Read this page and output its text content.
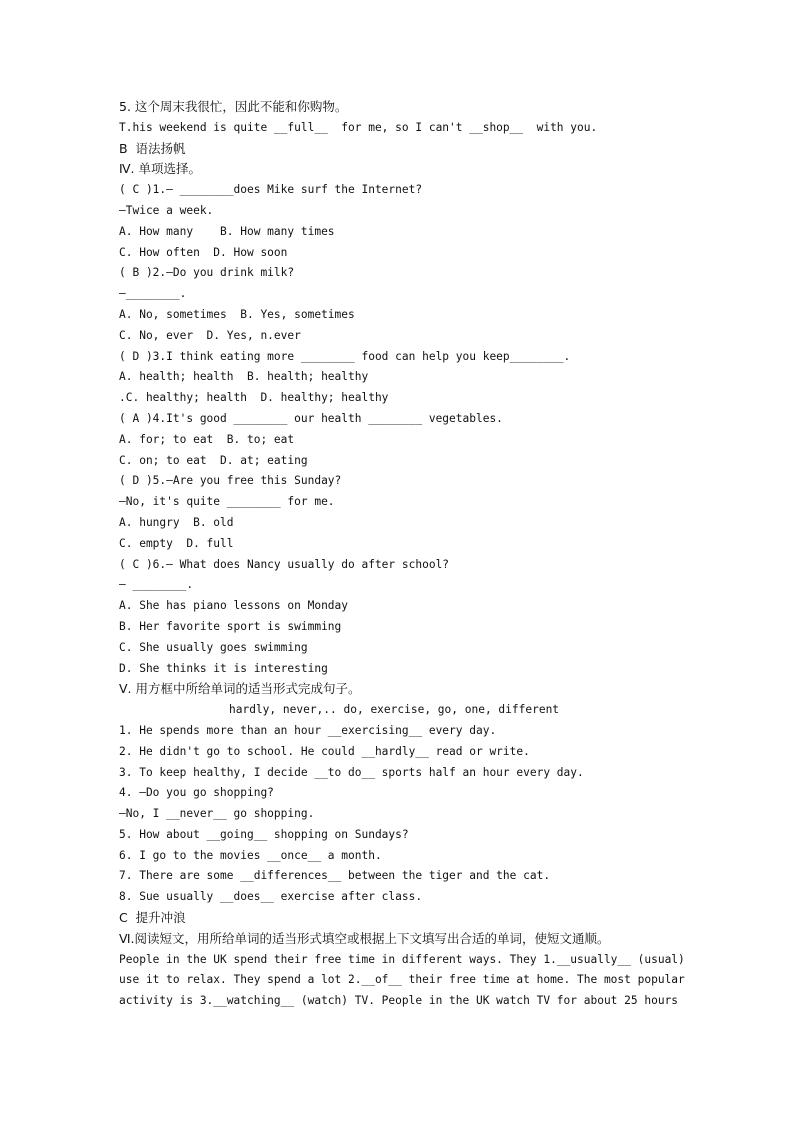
5. 这个周末我很忙，因此不能和你购物。
T.his weekend is quite __full__  for me, so I can't __shop__  with you.
B  语法扬帆
Ⅳ. 单项选择。
( C )1.— ________does Mike surf the Internet?
—Twice a week.
A. How many    B. How many times
C. How often  D. How soon
( B )2.—Do you drink milk?
—________.
A. No, sometimes  B. Yes, sometimes
C. No, ever  D. Yes, n.ever
( D )3.I think eating more ________ food can help you keep________.
A. health; health  B. health; healthy
.C. healthy; health  D. healthy; healthy
( A )4.It's good ________ our health ________ vegetables.
A. for; to eat  B. to; eat
C. on; to eat  D. at; eating
( D )5.—Are you free this Sunday?
—No, it's quite ________ for me.
A. hungry  B. old
C. empty  D. full
( C )6.— What does Nancy usually do after school?
— ________.
A. She has piano lessons on Monday
B. Her favorite sport is swimming
C. She usually goes swimming
D. She thinks it is interesting
Ⅴ. 用方框中所给单词的适当形式完成句子。
hardly, never,.. do, exercise, go, one, different
1. He spends more than an hour __exercising__ every day.
2. He didn't go to school. He could __hardly__ read or write.
3. To keep healthy, I decide __to do__ sports half an hour every day.
4. —Do you go shopping?
—No, I __never__ go shopping.
5. How about __going__ shopping on Sundays?
6. I go to the movies __once__ a month.
7. There are some __differences__ between the tiger and the cat.
8. Sue usually __does__ exercise after class.
C  提升冲浪
Ⅵ.阅读短文，用所给单词的适当形式填空或根据上下文填写出合适的单词，使短文通顺。
People in the UK spend their free time in different ways. They 1.__usually__ (usual)
use it to relax. They spend a lot 2.__of__ their free time at home. The most popular
activity is 3.__watching__ (watch) TV. People in the UK watch TV for about 25 hours
